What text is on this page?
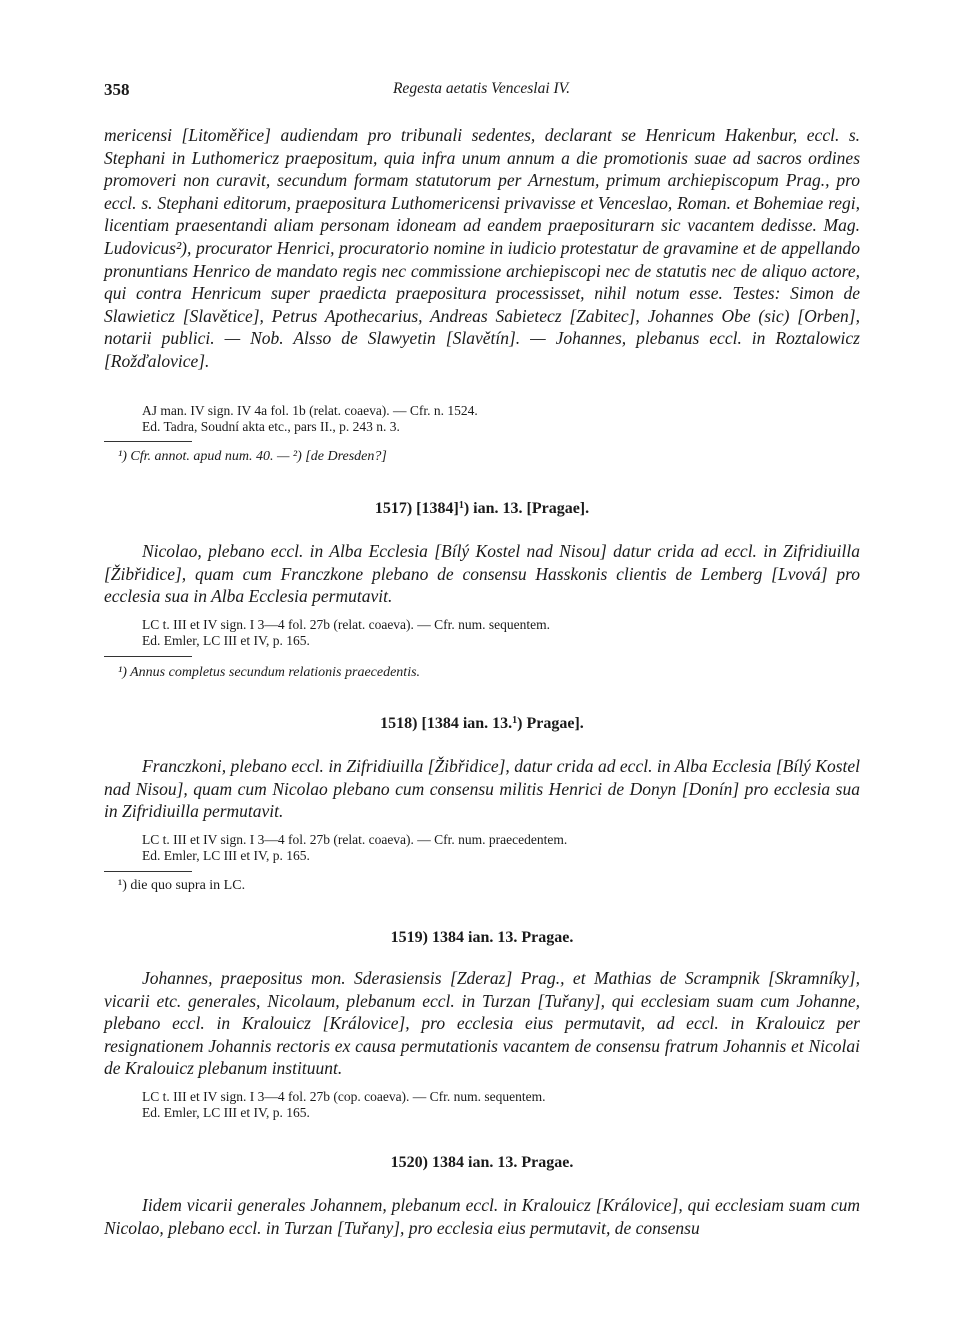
358	Regesta aetatis Venceslai IV.

mericensi [Litoměřice] audiendam pro tribunali sedentes, declarant se Henricum Hakenbur, eccl. s. Stephani in Luthomericz praepositum, quia infra unum annum a die promotionis suae ad sacros ordines promoveri non curavit, secundum formam statutorum per Arnestum, primum archiepiscopum Prag., pro eccl. s. Stephani editorum, praepositura Luthomericensi privavisse et Venceslao, Roman. et Bohemiae regi, licentiam praesentandi aliam personam idoneam ad eandem praepositurarn sic vacantem dedisse. Mag. Ludovicus²), procurator Henrici, procuratorio nomine in iudicio protestatur de gravamine et de appellando pronuntians Henrico de mandato regis nec commissione archiepiscopi nec de statutis nec de aliquo actore, qui contra Henricum super praedicta praepositura processisset, nihil notum esse. Testes: Simon de Slawieticz [Slavětice], Petrus Apothecarius, Andreas Sabietecz [Zabitec], Johannes Obe (sic) [Orben], notarii publici. — Nob. Alsso de Slawyetin [Slavětín]. — Johannes, plebanus eccl. in Roztalowicz [Rožďalovice].

AJ man. IV sign. IV 4a fol. 1b (relat. coaeva). — Cfr. n. 1524.

Ed. Tadra, Soudní akta etc., pars II., p. 243 n. 3.

¹) Cfr. annot. apud num. 40. — ²) [de Dresden?]

1517) $[1384]^1$) ian. 13. [Pragae].

Nicolao, plebano eccl. in Alba Ecclesia [Bílý Kostel nad Nisou] datur crida ad eccl. in Zifridiuilla [Žibřidice], quam cum Franczkone plebano de consensu Hasskonis clientis de Lemberg [Lvová] pro ecclesia sua in Alba Ecclesia permutavit.

LC t. III et IV sign. I 3—4 fol. 27b (relat. coaeva). — Cfr. num. sequentem.

Ed. Emler, LC III et IV, p. 165.

¹) Annus completus secundum relationis praecedentis.

1518) [1384 ian. 13.$^1$) Pragae].

Franczkoni, plebano eccl. in Zifridiuilla [Žibřidice], datur crida ad eccl. in Alba Ecclesia [Bílý Kostel nad Nisou], quam cum Nicolao plebano cum consensu militis Henrici de Donyn [Donín] pro ecclesia sua in Zifridiuilla permutavit.

LC t. III et IV sign. I 3—4 fol. 27b (relat. coaeva). — Cfr. num. praecedentem.

Ed. Emler, LC III et IV, p. 165.

¹) die quo supra in LC.

1519) 1384 ian. 13. Pragae.

Johannes, praepositus mon. Sderasiensis [Zderaz] Prag., et Mathias de Scrampnik [Skramníky], vicarii etc. generales, Nicolaum, plebanum eccl. in Turzan [Tuřany], qui ecclesiam suam cum Johanne, plebano eccl. in Kralouicz [Královice], pro ecclesia eius permutavit, ad eccl. in Kralouicz per resignationem Johannis rectoris ex causa permutationis vacantem de consensu fratrum Johannis et Nicolai de Kralouicz plebanum instituunt.

LC t. III et IV sign. I 3—4 fol. 27b (cop. coaeva). — Cfr. num. sequentem.

Ed. Emler, LC III et IV, p. 165.

1520) 1384 ian. 13. Pragae.

Iidem vicarii generales Johannem, plebanum eccl. in Kralouicz [Královice], qui ecclesiam suam cum Nicolao, plebano eccl. in Turzan [Tuřany], pro ecclesia eius permutavit, de consensu
